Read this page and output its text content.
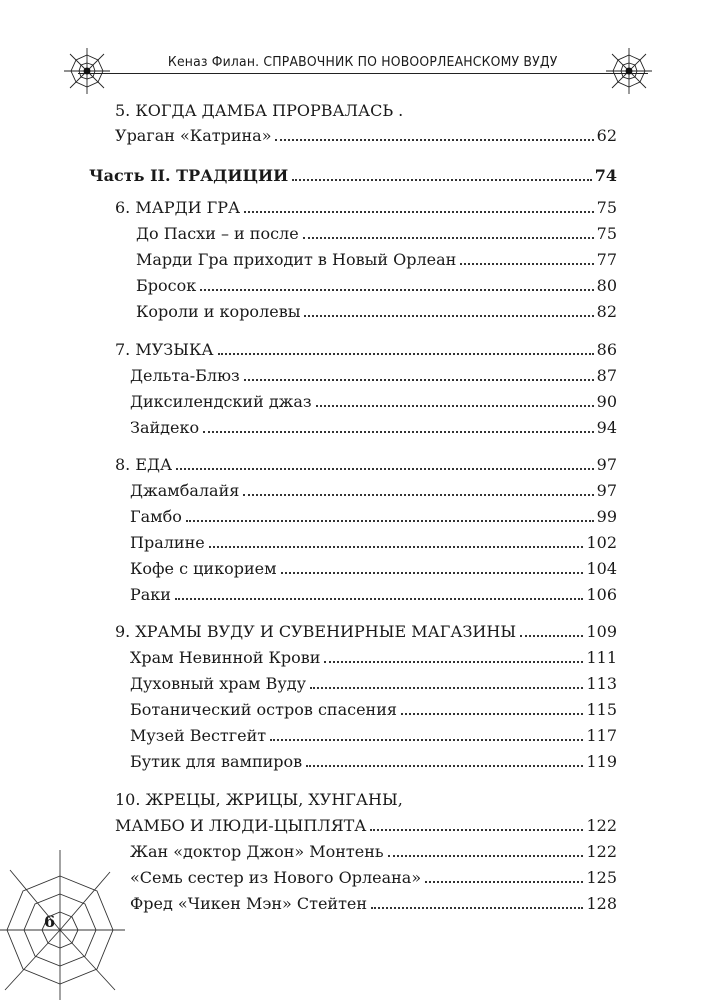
Кеназ Филан. СПРАВОЧНИК ПО НОВООРЛЕАНСКОМУ ВУДУ
6
5. КОГДА ДАМБА ПРОРВАЛАСЬ .
Ураган «Катрина»	62
Часть II. ТРАДИЦИИ	74
6. МАРДИ ГРА	75
До Пасхи – и после	75
Марди Гра приходит в Новый Орлеан	77
Бросок	80
Короли и королевы	82
7. МУЗЫКА	86
Дельта-Блюз	87
Диксилендский джаз	90
Зайдеко	94
8. ЕДА	97
Джамбалайя	97
Гамбо	99
Пралине	102
Кофе с цикорием	104
Раки	106
9. ХРАМЫ ВУДУ И СУВЕНИРНЫЕ МАГАЗИНЫ	109
Храм Невинной Крови	111
Духовный храм Вуду	113
Ботанический остров спасения	115
Музей Вестгейт	117
Бутик для вампиров	119
10. ЖРЕЦЫ, ЖРИЦЫ, ХУНГАНЫ,
МАМБО И ЛЮДИ-ЦЫПЛЯТА	122
Жан «доктор Джон» Монтень	122
«Семь сестер из Нового Орлеана»	125
Фред «Чикен Мэн» Стейтен	128
